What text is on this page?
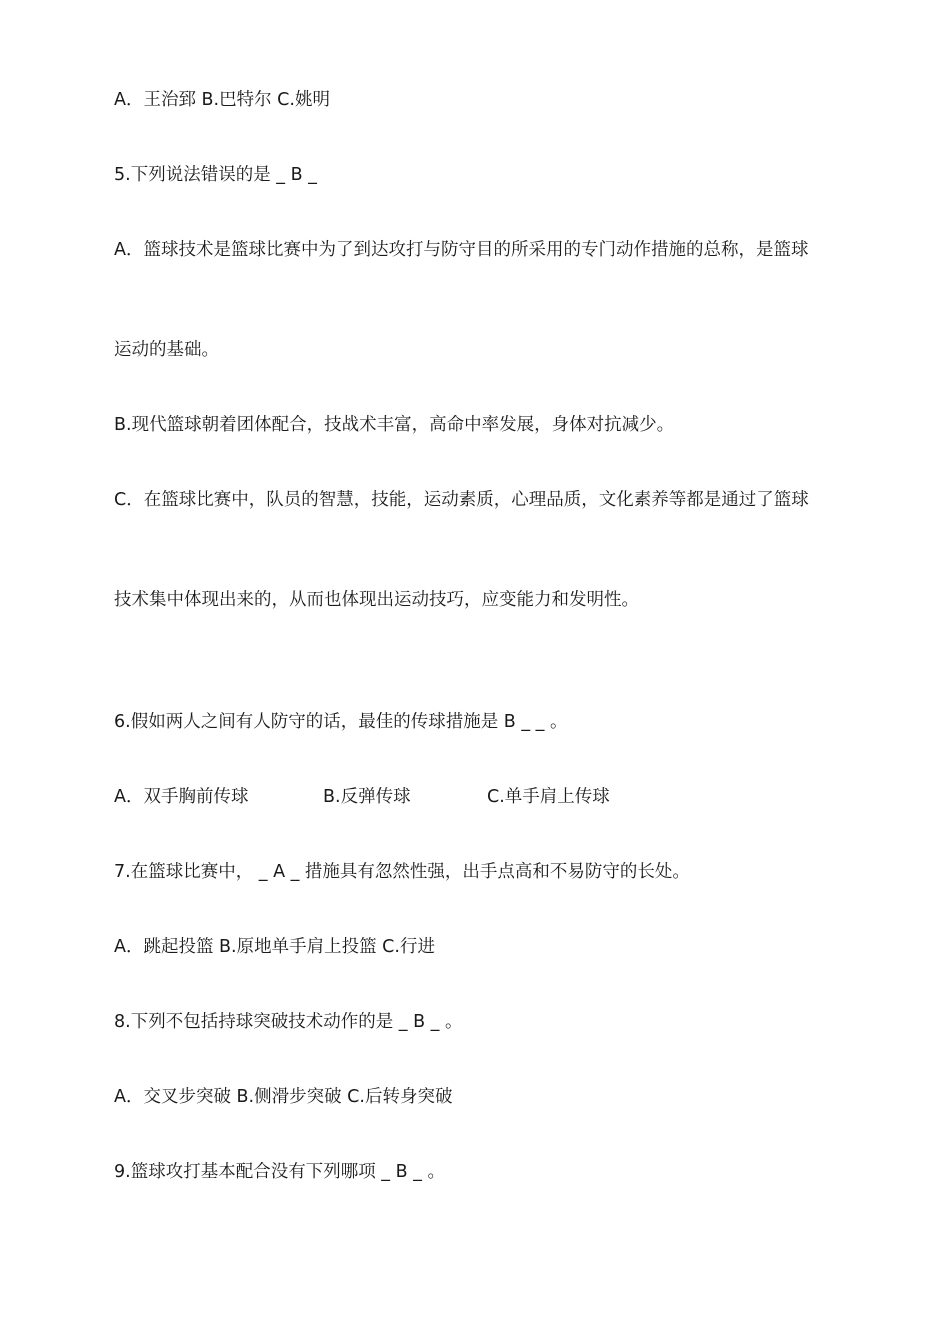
A．王治郅 B.巴特尔 C.姚明
5.下列说法错误的是 _ B _
A．篮球技术是篮球比赛中为了到达攻打与防守目的所采用的专门动作措施的总称，是篮球
运动的基础。
B.现代篮球朝着团体配合，技战术丰富，高命中率发展，身体对抗减少。
C．在篮球比赛中，队员的智慧，技能，运动素质，心理品质，文化素养等都是通过了篮球
技术集中体现出来的，从而也体现出运动技巧，应变能力和发明性。
6.假如两人之间有人防守的话，最佳的传球措施是 B _ _ 。
A．双手胸前传球	B.反弹传球	C.单手肩上传球
7.在篮球比赛中， _ A _ 措施具有忽然性强，出手点高和不易防守的长处。
A．跳起投篮 B.原地单手肩上投篮 C.行进
8.下列不包括持球突破技术动作的是 _ B _ 。
A．交叉步突破 B.侧滑步突破 C.后转身突破
9.篮球攻打基本配合没有下列哪项 _ B _ 。
